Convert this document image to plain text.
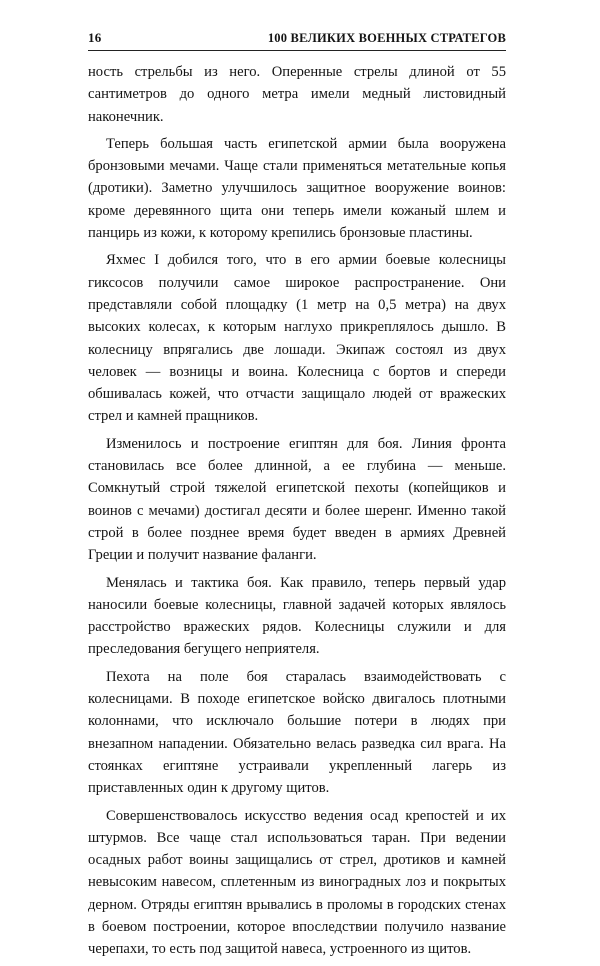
16	100 ВЕЛИКИХ ВОЕННЫХ СТРАТЕГОВ

ность стрельбы из него. Оперенные стрелы длиной от 55 сантиметров до одного метра имели медный листовидный наконечник.

Теперь большая часть египетской армии была вооружена бронзовыми мечами. Чаще стали применяться метательные копья (дротики). Заметно улучшилось защитное вооружение воинов: кроме деревянного щита они теперь имели кожаный шлем и панцирь из кожи, к которому крепились бронзовые пластины.

Яхмес I добился того, что в его армии боевые колесницы гиксосов получили самое широкое распространение. Они представляли собой площадку (1 метр на 0,5 метра) на двух высоких колесах, к которым наглухо прикреплялось дышло. В колесницу впрягались две лошади. Экипаж состоял из двух человек — возницы и воина. Колесница с бортов и спереди обшивалась кожей, что отчасти защищало людей от вражеских стрел и камней пращников.

Изменилось и построение египтян для боя. Линия фронта становилась все более длинной, а ее глубина — меньше. Сомкнутый строй тяжелой египетской пехоты (копейщиков и воинов с мечами) достигал десяти и более шеренг. Именно такой строй в более позднее время будет введен в армиях Древней Греции и получит название фаланги.

Менялась и тактика боя. Как правило, теперь первый удар наносили боевые колесницы, главной задачей которых являлось расстройство вражеских рядов. Колесницы служили и для преследования бегущего неприятеля.

Пехота на поле боя старалась взаимодействовать с колесницами. В походе египетское войско двигалось плотными колоннами, что исключало большие потери в людях при внезапном нападении. Обязательно велась разведка сил врага. На стоянках египтяне устраивали укрепленный лагерь из приставленных один к другому щитов.

Совершенствовалось искусство ведения осад крепостей и их штурмов. Все чаще стал использоваться таран. При ведении осадных работ воины защищались от стрел, дротиков и камней невысоким навесом, сплетенным из виноградных лоз и покрытых дерном. Отряды египтян врывались в проломы в городских стенах в боевом построении, которое впоследствии получило название черепахи, то есть под защитой навеса, устроенного из щитов.
